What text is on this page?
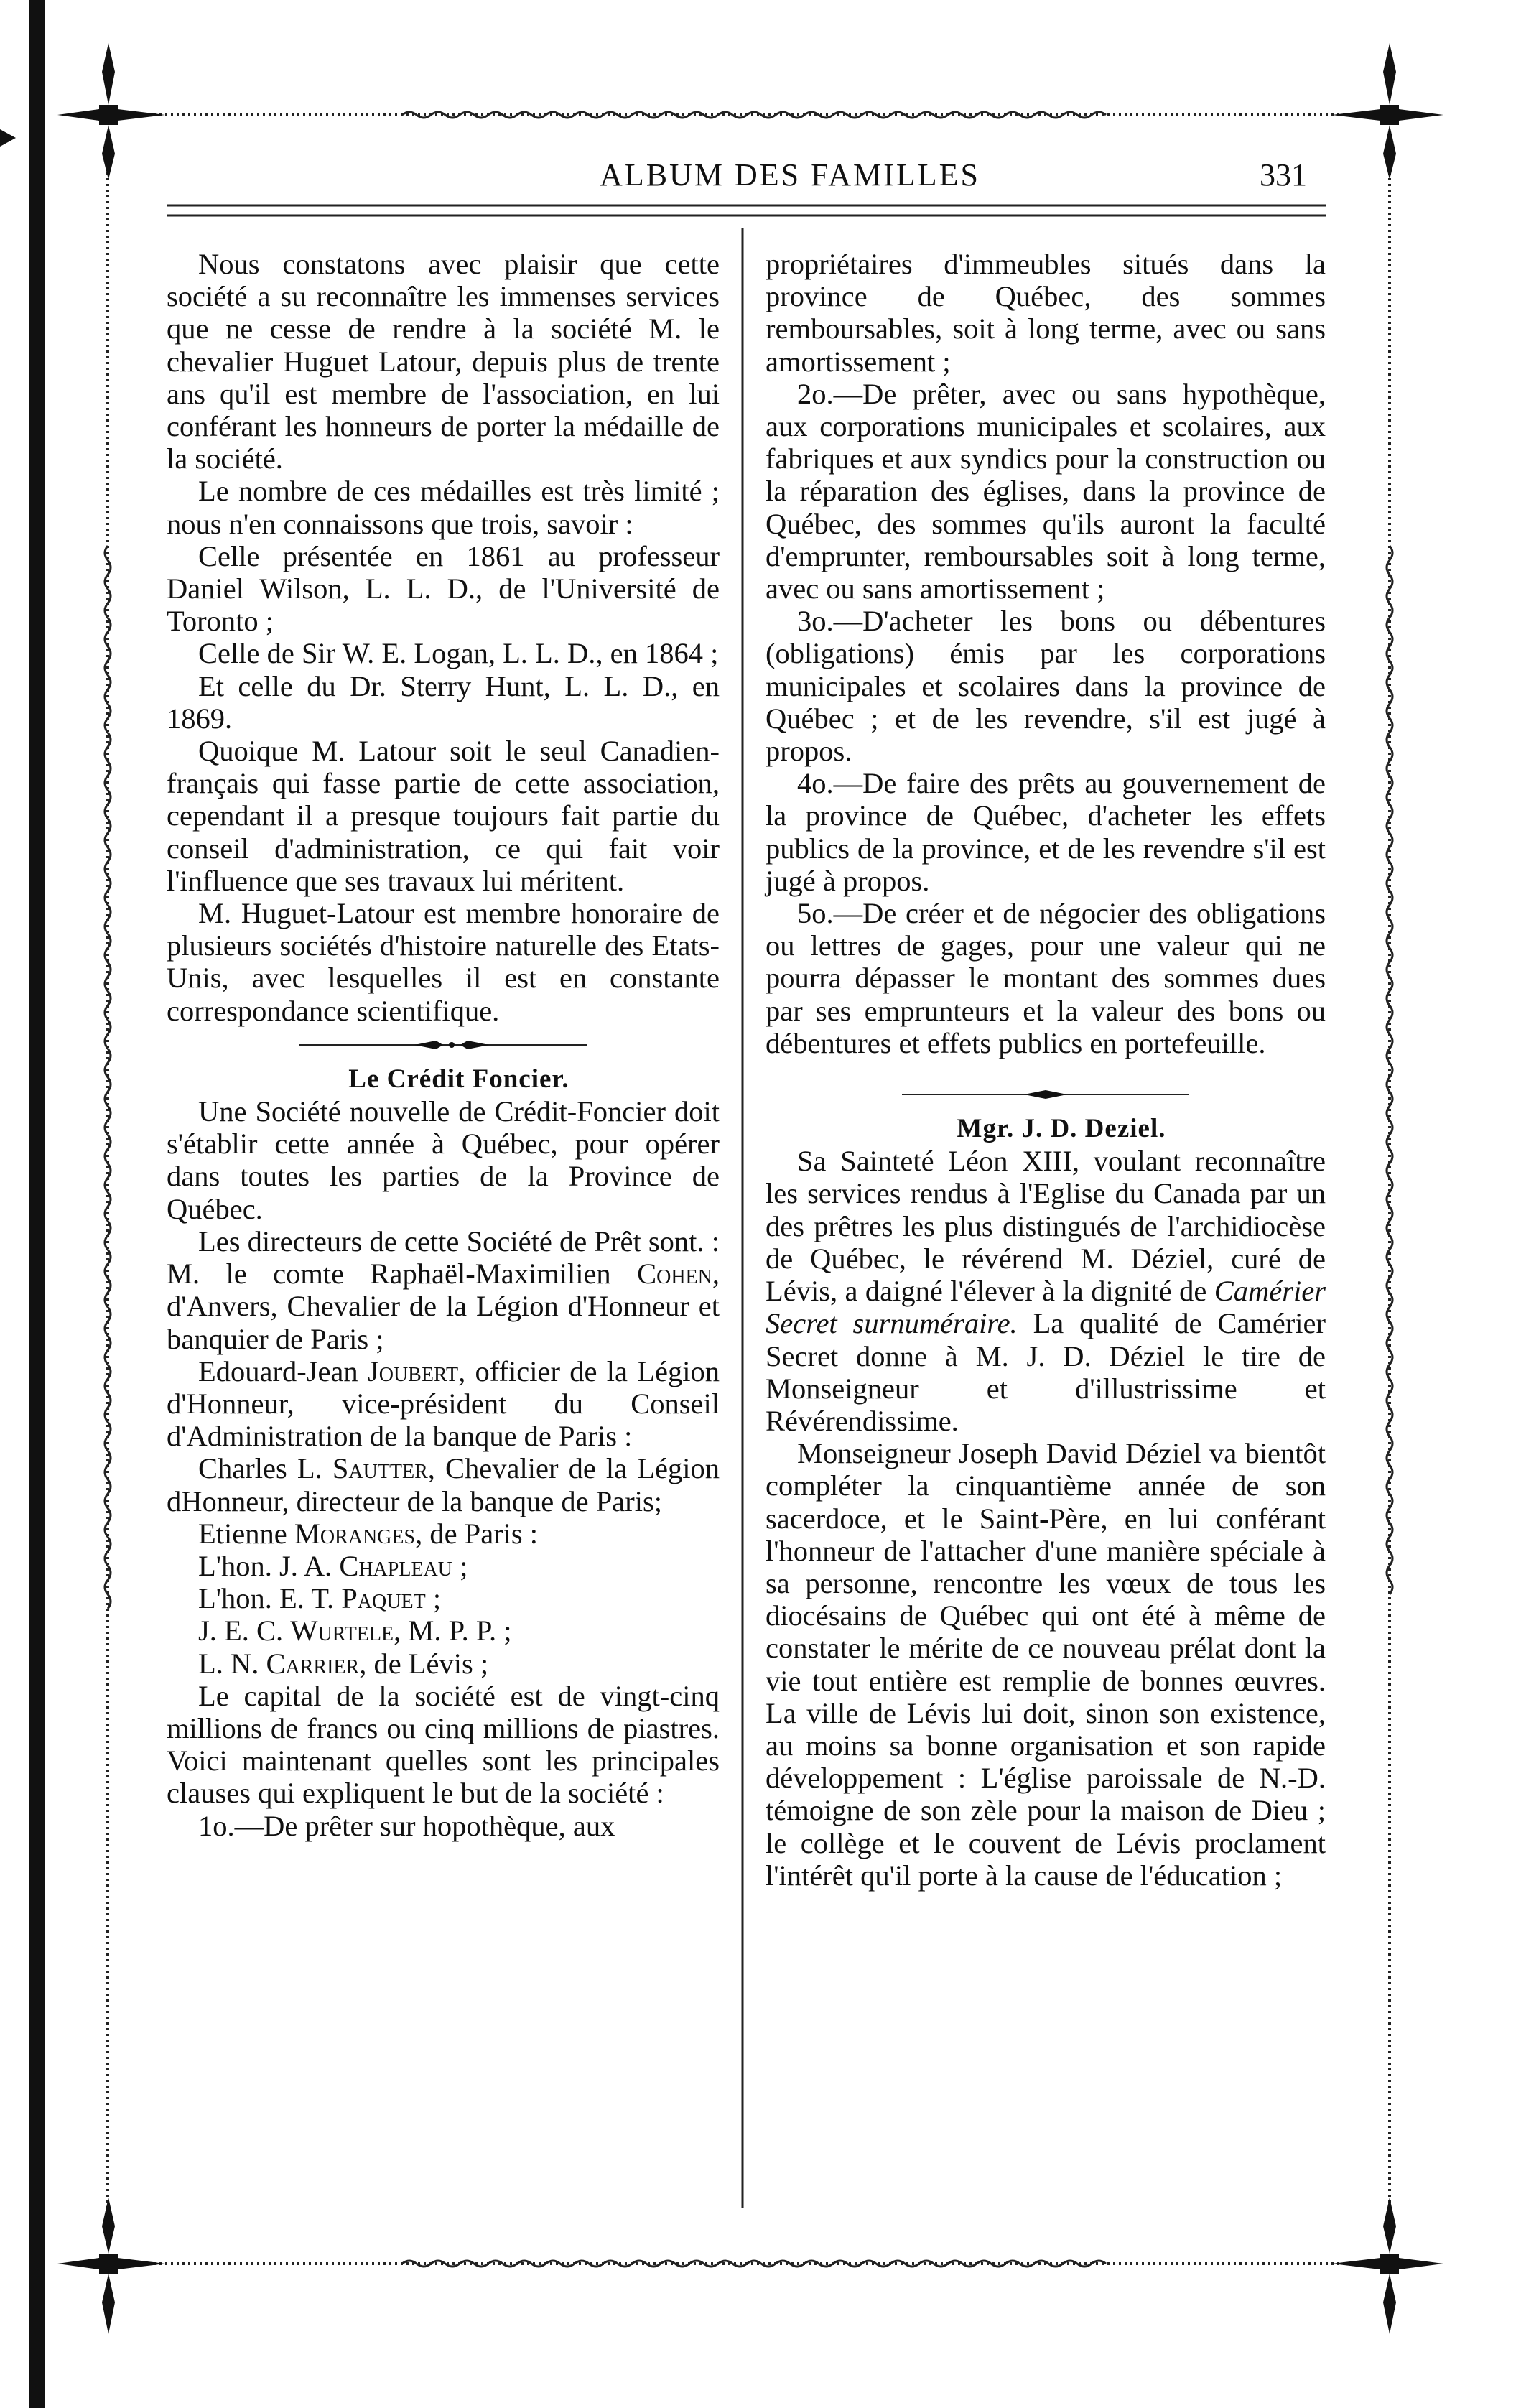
ALBUM DES FAMILLES	331

Nous constatons avec plaisir que cette société a su reconnaître les immenses services que ne cesse de rendre à la société M. le chevalier Huguet Latour, depuis plus de trente ans qu'il est membre de l'association, en lui conférant les honneurs de porter la médaille de la société.

Le nombre de ces médailles est très limité ; nous n'en connaissons que trois, savoir :

Celle présentée en 1861 au professeur Daniel Wilson, L. L. D., de l'Université de Toronto ;

Celle de Sir W. E. Logan, L. L. D., en 1864 ;

Et celle du Dr. Sterry Hunt, L. L. D., en 1869.

Quoique M. Latour soit le seul Canadien-français qui fasse partie de cette association, cependant il a presque toujours fait partie du conseil d'administration, ce qui fait voir l'influence que ses travaux lui méritent.

M. Huguet-Latour est membre honoraire de plusieurs sociétés d'histoire naturelle des Etats-Unis, avec lesquelles il est en constante correspondance scientifique.

Le Crédit Foncier.

Une Société nouvelle de Crédit-Foncier doit s'établir cette année à Québec, pour opérer dans toutes les parties de la Province de Québec.

Les directeurs de cette Société de Prêt sont. : M. le comte Raphaël-Maximilien Cohen, d'Anvers, Chevalier de la Légion d'Honneur et banquier de Paris ;

Edouard-Jean Joubert, officier de la Légion d'Honneur, vice-président du Conseil d'Administration de la banque de Paris :

Charles L. Sautter, Chevalier de la Légion dHonneur, directeur de la banque de Paris;

Etienne Moranges, de Paris :

L'hon. J. A. Chapleau ;

L'hon. E. T. Paquet ;

J. E. C. Wurtele, M. P. P. ;

L. N. Carrier, de Lévis ;

Le capital de la société est de vingt-cinq millions de francs ou cinq millions de piastres. Voici maintenant quelles sont les principales clauses qui expliquent le but de la société :

1o.—De prêter sur hopothèque, aux

propriétaires d'immeubles situés dans la province de Québec, des sommes remboursables, soit à long terme, avec ou sans amortissement ;

2o.—De prêter, avec ou sans hypothèque, aux corporations municipales et scolaires, aux fabriques et aux syndics pour la construction ou la réparation des églises, dans la province de Québec, des sommes qu'ils auront la faculté d'emprunter, remboursables soit à long terme, avec ou sans amortissement ;

3o.—D'acheter les bons ou débentures (obligations) émis par les corporations municipales et scolaires dans la province de Québec ; et de les revendre, s'il est jugé à propos.

4o.—De faire des prêts au gouvernement de la province de Québec, d'acheter les effets publics de la province, et de les revendre s'il est jugé à propos.

5o.—De créer et de négocier des obligations ou lettres de gages, pour une valeur qui ne pourra dépasser le montant des sommes dues par ses emprunteurs et la valeur des bons ou débentures et effets publics en portefeuille.

Mgr. J. D. Deziel.

Sa Sainteté Léon XIII, voulant reconnaître les services rendus à l'Eglise du Canada par un des prêtres les plus distingués de l'archidiocèse de Québec, le révérend M. Déziel, curé de Lévis, a daigné l'élever à la dignité de Camérier Secret surnuméraire. La qualité de Camérier Secret donne à M. J. D. Déziel le tire de Monseigneur et d'illustrissime et Révérendissime.

Monseigneur Joseph David Déziel va bientôt compléter la cinquantième année de son sacerdoce, et le Saint-Père, en lui conférant l'honneur de l'attacher d'une manière spéciale à sa personne, rencontre les vœux de tous les diocésains de Québec qui ont été à même de constater le mérite de ce nouveau prélat dont la vie tout entière est remplie de bonnes œuvres. La ville de Lévis lui doit, sinon son existence, au moins sa bonne organisation et son rapide développement : L'église paroissale de N.-D. témoigne de son zèle pour la maison de Dieu ; le collège et le couvent de Lévis proclament l'intérêt qu'il porte à la cause de l'éducation ;
